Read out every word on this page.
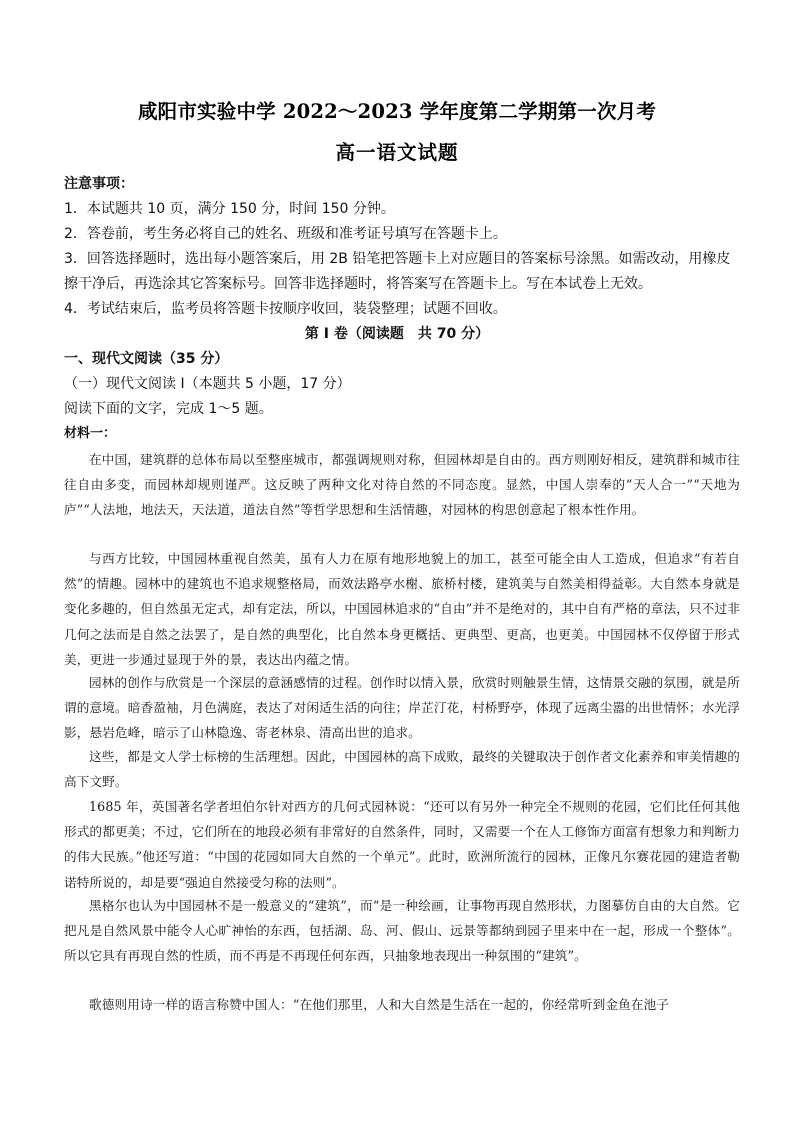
咸阳市实验中学 2022～2023 学年度第二学期第一次月考
高一语文试题
注意事项：
1．本试题共 10 页，满分 150 分，时间 150 分钟。
2．答卷前，考生务必将自己的姓名、班级和准考证号填写在答题卡上。
3．回答选择题时，选出每小题答案后，用 2B 铅笔把答题卡上对应题目的答案标号涂黑。如需改动，用橡皮
擦干净后，再选涂其它答案标号。回答非选择题时，将答案写在答题卡上。写在本试卷上无效。
4．考试结束后，监考员将答题卡按顺序收回，装袋整理；试题不回收。
第 I 卷（阅读题　共 70 分）
一、现代文阅读（35 分）
（一）现代文阅读 I（本题共 5 小题，17 分）
阅读下面的文字，完成 1～5 题。
材料一：

在中国，建筑群的总体布局以至整座城市，都强调规则对称，但园林却是自由的。西方则刚好相反，建筑群和城市往往自由多变，而园林却规则谨严。这反映了两种文化对待自然的不同态度。显然，中国人崇奉的“天人合一”“天地为庐”“人法地，地法天，天法道，道法自然”等哲学思想和生活情趣，对园林的构思创意起了根本性作用。

与西方比较，中国园林重视自然美，虽有人力在原有地形地貌上的加工，甚至可能全由人工造成，但追求“有若自然”的情趣。园林中的建筑也不追求规整格局，而效法路亭水榭、旅桥村楼，建筑美与自然美相得益彰。大自然本身就是变化多趣的，但自然虽无定式，却有定法，所以，中国园林追求的“自由”并不是绝对的，其中自有严格的章法，只不过非几何之法而是自然之法罢了，是自然的典型化，比自然本身更概括、更典型、更高，也更美。中国园林不仅停留于形式美，更进一步通过显现于外的景，表达出内蕴之情。

园林的创作与欣赏是一个深层的意涵感情的过程。创作时以情入景，欣赏时则触景生情，这情景交融的氛围，就是所谓的意境。暗香盈袖，月色满庭，表达了对闲适生活的向往；岸芷汀花，村桥野亭，体现了远离尘嚣的出世情怀；水光浮影，悬岩危峰，暗示了山林隐逸、寄老林泉、清高出世的追求。

这些，都是文人学士标榜的生活理想。因此，中国园林的高下成败，最终的关键取决于创作者文化素养和审美情趣的高下文野。

1685 年，英国著名学者坦伯尔针对西方的几何式园林说：“还可以有另外一种完全不规则的花园，它们比任何其他形式的都更美；不过，它们所在的地段必须有非常好的自然条件，同时，又需要一个在人工修饰方面富有想象力和判断力的伟大民族。”他还写道：“中国的花园如同大自然的一个单元”。此时，欧洲所流行的园林，正像凡尔赛花园的建造者勒诺特所说的，却是要“强迫自然接受匀称的法则”。

黑格尔也认为中国园林不是一般意义的“建筑”，而“是一种绘画，让事物再现自然形状，力图摹仿自由的大自然。它把凡是自然风景中能令人心旷神怡的东西，包括湖、岛、河、假山、远景等都纳到园子里来中在一起，形成一个整体”。所以它具有再现自然的性质，而不再是不再现任何东西，只抽象地表现出一种氛围的“建筑”。

歌德则用诗一样的语言称赞中国人：“在他们那里，人和大自然是生活在一起的，你经常听到金鱼在池子
